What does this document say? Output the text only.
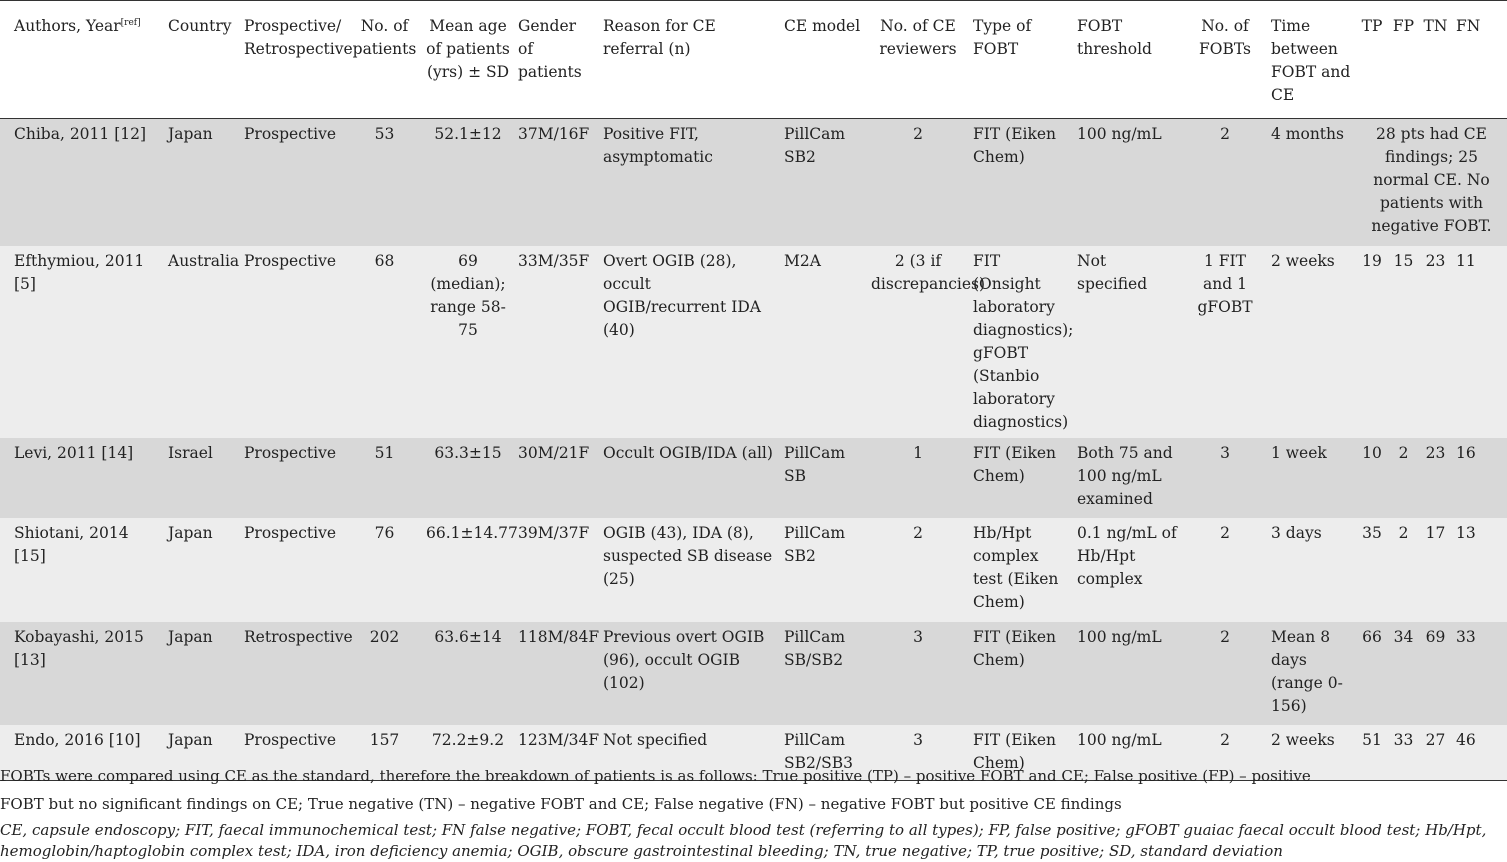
Authors, Year[ref]	Country	Prospective/ Retrospective	No. of patients	Mean age of patients (yrs) ± SD	Gender of patients	Reason for CE referral (n)	CE model	No. of CE reviewers	Type of FOBT	FOBT threshold	No. of FOBTs	Time between FOBT and CE	TP	FP	TN	FN
Chiba, 2011 [12]	Japan	Prospective	53	52.1±12	37M/16F	Positive FIT, asymptomatic	PillCam SB2	2	FIT (Eiken Chem)	100 ng/mL	2	4 months	28 pts had CE findings; 25 normal CE. No patients with negative FOBT.			
Efthymiou, 2011 [5]	Australia	Prospective	68	69 (median); range 58-75	33M/35F	Overt OGIB (28), occult OGIB/recurrent IDA (40)	M2A	2 (3 if discrepancies)	FIT (Onsight laboratory diagnostics); gFOBT (Stanbio laboratory diagnostics)	Not specified	1 FIT and 1 gFOBT	2 weeks	19	15	23	11
Levi, 2011 [14]	Israel	Prospective	51	63.3±15	30M/21F	Occult OGIB/IDA (all)	PillCam SB	1	FIT (Eiken Chem)	Both 75 and 100 ng/mL examined	3	1 week	10	2	23	16
Shiotani, 2014 [15]	Japan	Prospective	76	66.1±14.77	39M/37F	OGIB (43), IDA (8), suspected SB disease (25)	PillCam SB2	2	Hb/Hpt complex test (Eiken Chem)	0.1 ng/mL of Hb/Hpt complex	2	3 days	35	2	17	13
Kobayashi, 2015 [13]	Japan	Retrospective	202	63.6±14	118M/84F	Previous overt OGIB (96), occult OGIB (102)	PillCam SB/SB2	3	FIT (Eiken Chem)	100 ng/mL	2	Mean 8 days (range 0-156)	66	34	69	33
Endo, 2016 [10]	Japan	Prospective	157	72.2±9.2	123M/34F	Not specified	PillCam SB2/SB3	3	FIT (Eiken Chem)	100 ng/mL	2	2 weeks	51	33	27	46
FOBTs were compared using CE as the standard, therefore the breakdown of patients is as follows: True positive (TP) – positive FOBT and CE; False positive (FP) – positive
FOBT but no significant findings on CE; True negative (TN) – negative FOBT and CE; False negative (FN) – negative FOBT but positive CE findings
CE, capsule endoscopy; FIT, faecal immunochemical test; FN false negative; FOBT, fecal occult blood test (referring to all types); FP, false positive; gFOBT guaiac faecal occult blood test; Hb/Hpt, hemoglobin/haptoglobin complex test; IDA, iron deficiency anemia; OGIB, obscure gastrointestinal bleeding; TN, true negative; TP, true positive; SD, standard deviation
